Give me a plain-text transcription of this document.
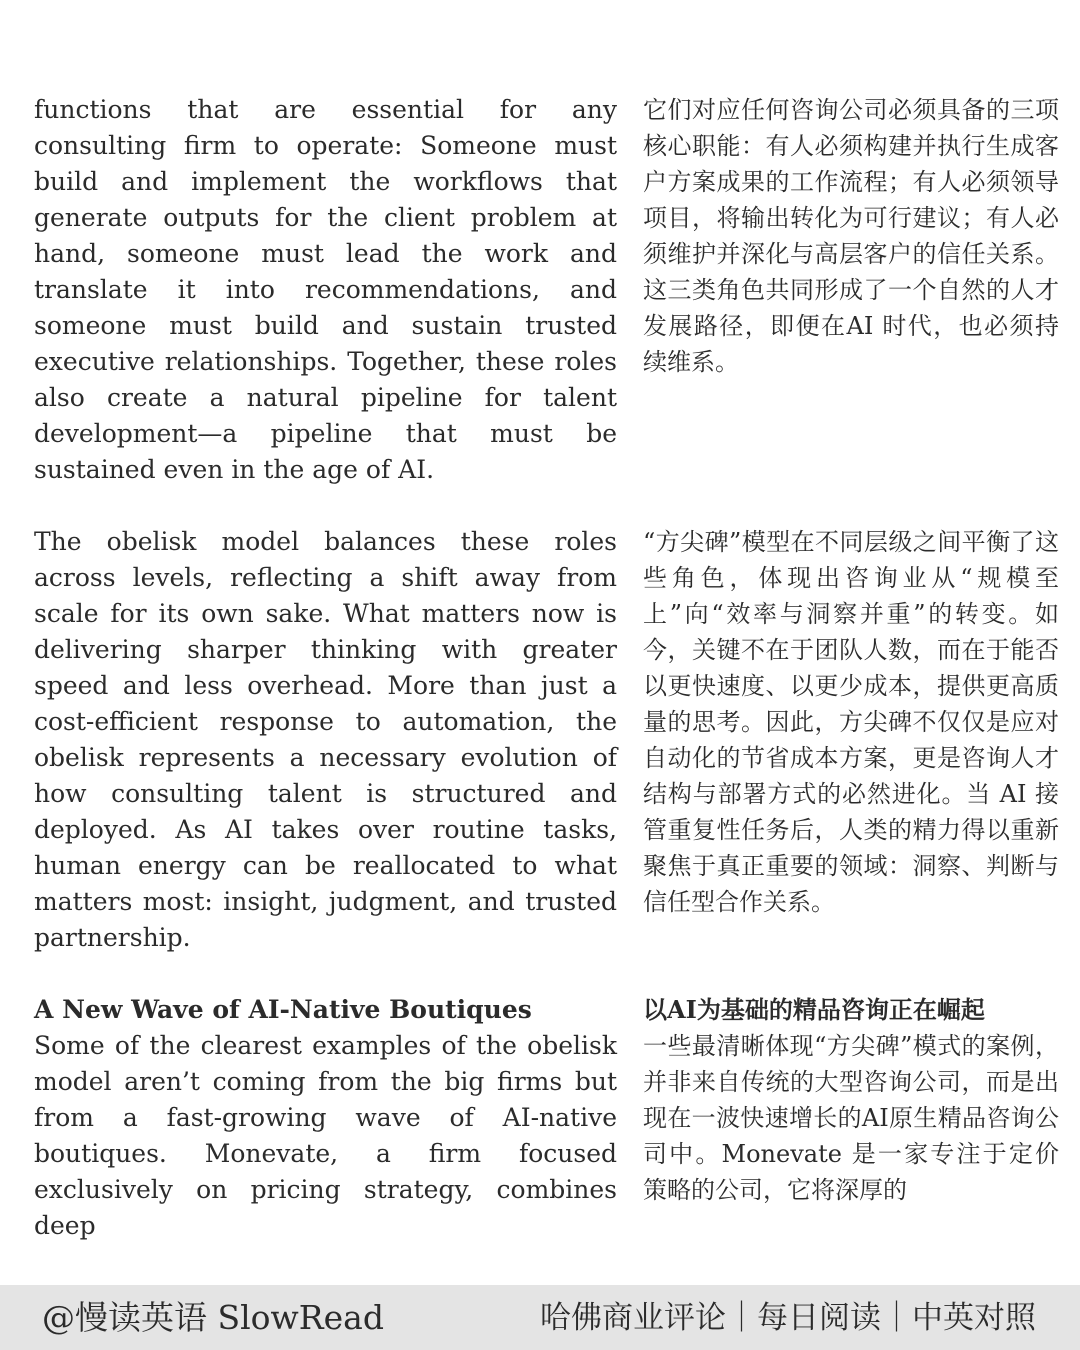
functions that are essential for any consulting firm to operate: Someone must build and implement the workflows that generate outputs for the client problem at hand, someone must lead the work and translate it into recommendations, and someone must build and sustain trusted executive relationships. Together, these roles also create a natural pipeline for talent development—a pipeline that must be sustained even in the age of AI.

它们对应任何咨询公司必须具备的三项核心职能：有人必须构建并执行生成客户方案成果的工作流程；有人必须领导项目，将输出转化为可行建议；有人必须维护并深化与高层客户的信任关系。这三类角色共同形成了一个自然的人才发展路径，即便在AI 时代，也必须持续维系。

The obelisk model balances these roles across levels, reflecting a shift away from scale for its own sake. What matters now is delivering sharper thinking with greater speed and less overhead. More than just a cost-efficient response to automation, the obelisk represents a necessary evolution of how consulting talent is structured and deployed. As AI takes over routine tasks, human energy can be reallocated to what matters most: insight, judgment, and trusted partnership.

“方尖碑”模型在不同层级之间平衡了这些角色，体现出咨询业从“规模至上”向“效率与洞察并重”的转变。如今，关键不在于团队人数，而在于能否以更快速度、以更少成本，提供更高质量的思考。因此，方尖碑不仅仅是应对自动化的节省成本方案，更是咨询人才结构与部署方式的必然进化。当 AI 接管重复性任务后，人类的精力得以重新聚焦于真正重要的领域：洞察、判断与信任型合作关系。

A New Wave of AI-Native Boutiques	以AI为基础的精品咨询正在崛起

Some of the clearest examples of the obelisk model aren’t coming from the big firms but from a fast-growing wave of AI-native boutiques. Monevate, a firm focused exclusively on pricing strategy, combines deep

一些最清晰体现“方尖碑”模式的案例，并非来自传统的大型咨询公司，而是出现在一波快速增长的AI原生精品咨询公司中。Monevate 是一家专注于定价策略的公司，它将深厚的

@慢读英语 SlowRead	哈佛商业评论｜每日阅读｜中英对照
